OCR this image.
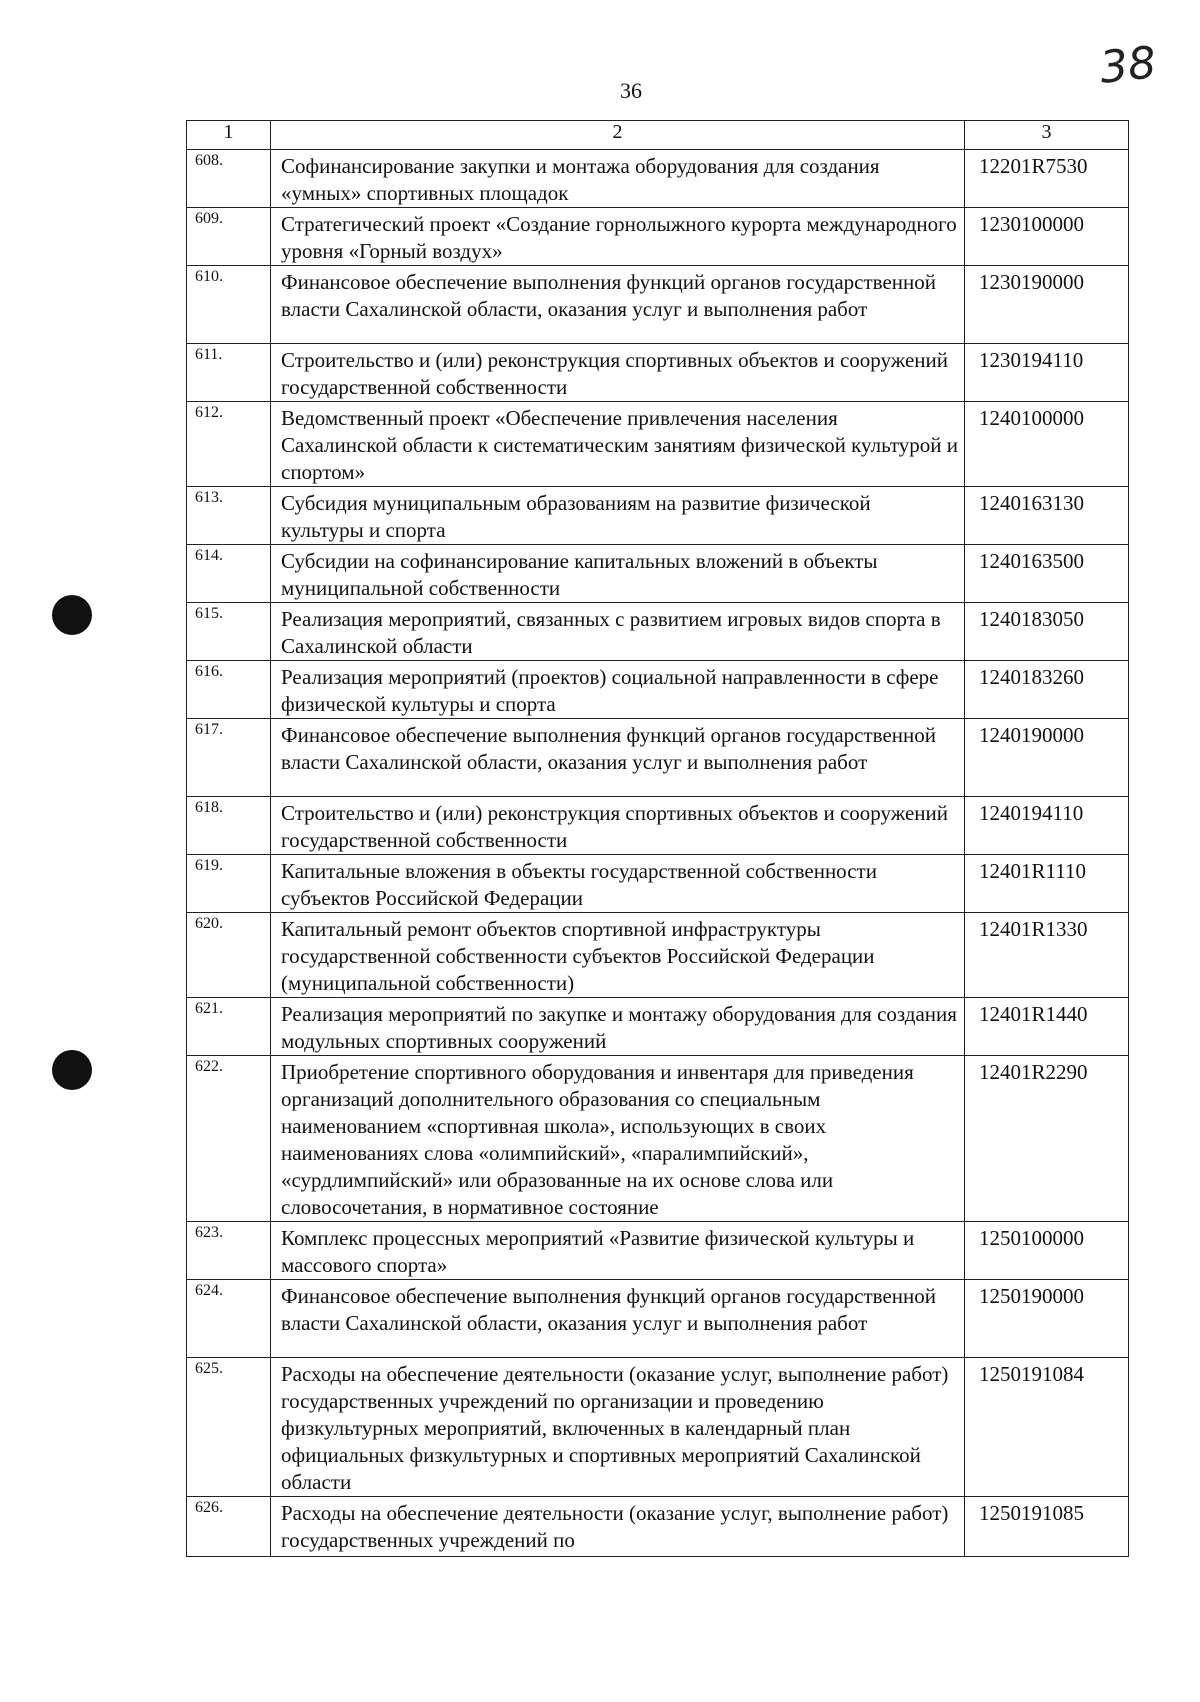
36	38
1	2	3
608.	Софинансирование закупки и монтажа оборудования для создания «умных» спортивных площадок	12201R7530
609.	Стратегический проект «Создание горнолыжного курорта международного уровня «Горный воздух»	1230100000
610.	Финансовое обеспечение выполнения функций органов государственной власти Сахалинской области, оказания услуг и выполнения работ	1230190000
611.	Строительство и (или) реконструкция спортивных объектов и сооружений государственной собственности	1230194110
612.	Ведомственный проект «Обеспечение привлечения населения Сахалинской области к систематическим занятиям физической культурой и спортом»	1240100000
613.	Субсидия муниципальным образованиям на развитие физической культуры и спорта	1240163130
614.	Субсидии на софинансирование капитальных вложений в объекты муниципальной собственности	1240163500
615.	Реализация мероприятий, связанных с развитием игровых видов спорта в Сахалинской области	1240183050
616.	Реализация мероприятий (проектов) социальной направленности в сфере физической культуры и спорта	1240183260
617.	Финансовое обеспечение выполнения функций органов государственной власти Сахалинской области, оказания услуг и выполнения работ	1240190000
618.	Строительство и (или) реконструкция спортивных объектов и сооружений государственной собственности	1240194110
619.	Капитальные вложения в объекты государственной собственности субъектов Российской Федерации	12401R1110
620.	Капитальный ремонт объектов спортивной инфраструктуры государственной собственности субъектов Российской Федерации (муниципальной собственности)	12401R1330
621.	Реализация мероприятий по закупке и монтажу оборудования для создания модульных спортивных сооружений	12401R1440
622.	Приобретение спортивного оборудования и инвентаря для приведения организаций дополнительного образования со специальным наименованием «спортивная школа», использующих в своих наименованиях слова «олимпийский», «паралимпийский», «сурдлимпийский» или образованные на их основе слова или словосочетания, в нормативное состояние	12401R2290
623.	Комплекс процессных мероприятий «Развитие физической культуры и массового спорта»	1250100000
624.	Финансовое обеспечение выполнения функций органов государственной власти Сахалинской области, оказания услуг и выполнения работ	1250190000
625.	Расходы на обеспечение деятельности (оказание услуг, выполнение работ) государственных учреждений по организации и проведению физкультурных мероприятий, включенных в календарный план официальных физкультурных и спортивных мероприятий Сахалинской области	1250191084
626.	Расходы на обеспечение деятельности (оказание услуг, выполнение работ) государственных учреждений по	1250191085
